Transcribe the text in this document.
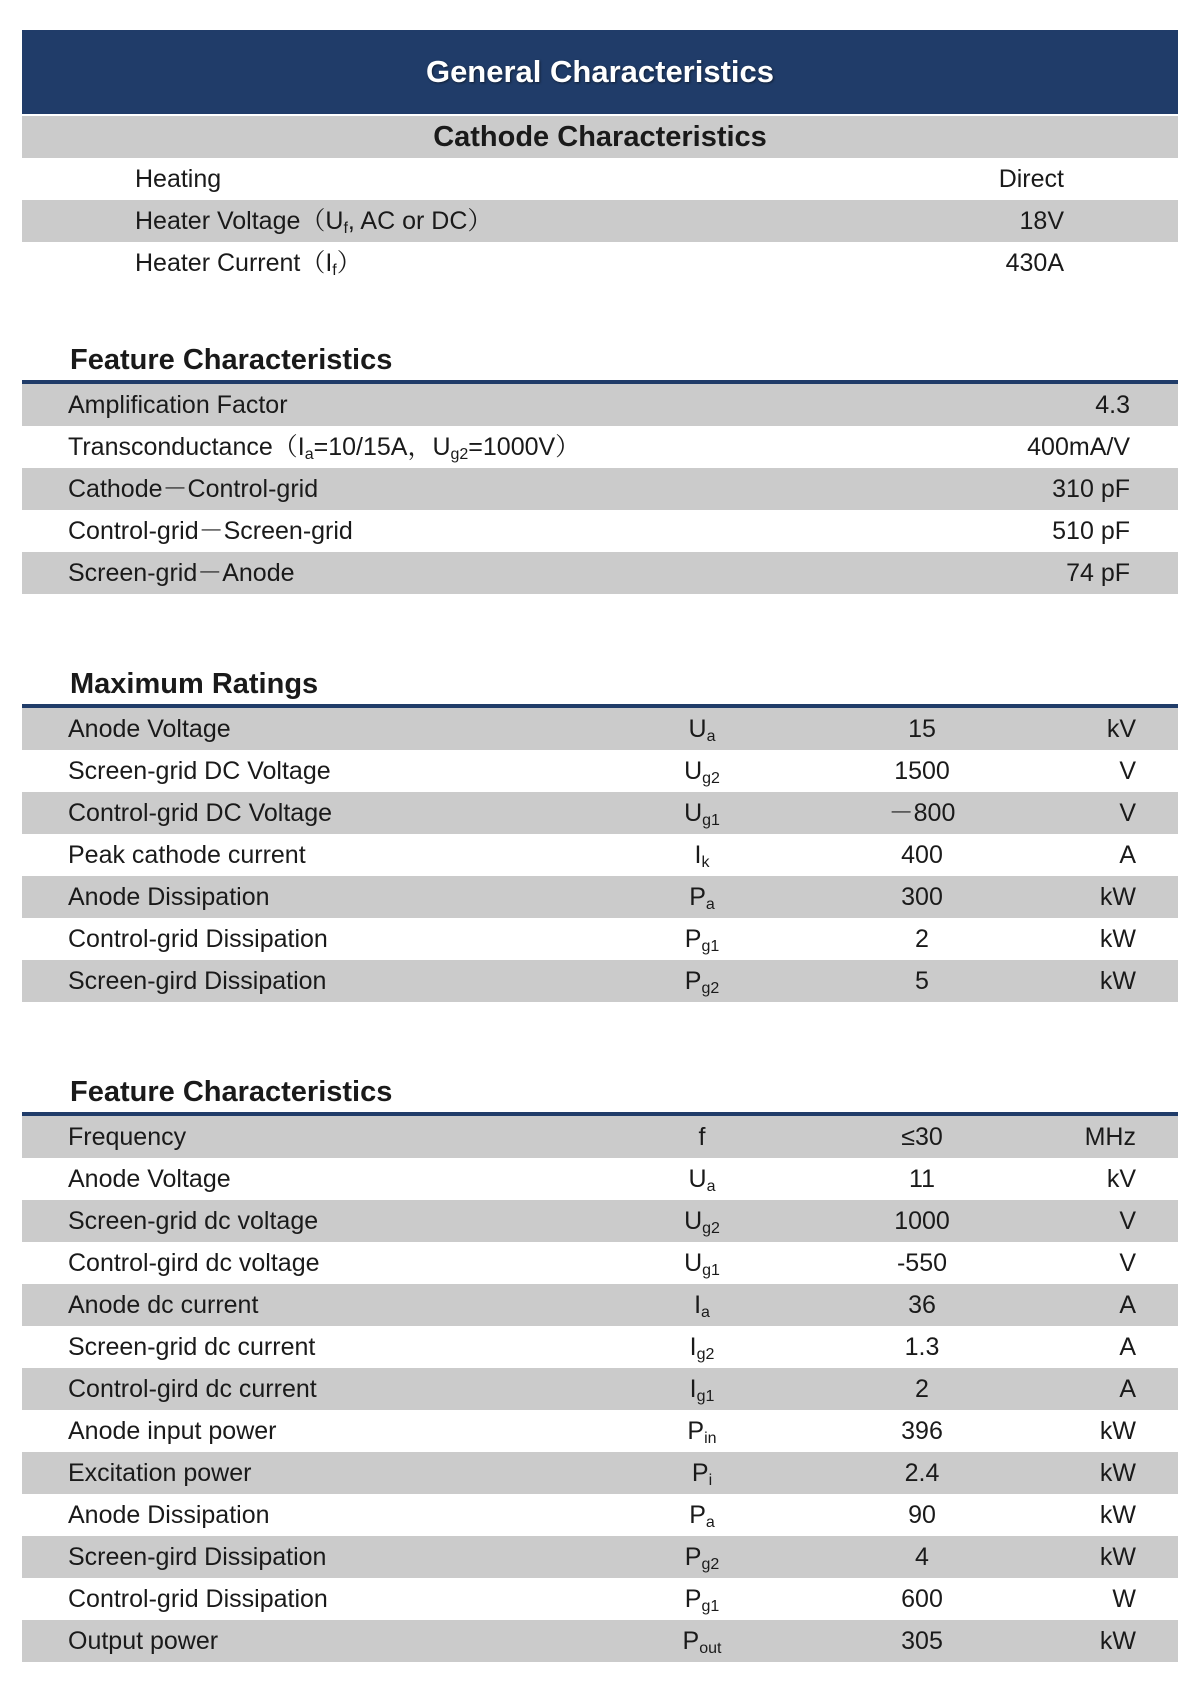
General Characteristics
Cathode Characteristics
Heating	Direct
Heater $Voltage(U_f$, AC or DC）	18V
Heater $Current(I_f)$	430A
Feature Characteristics
Amplification Factor	4.3
$Transconductance(I_a=10/15A$，$U_{g2}=1000V$）	400mA/V
Cathode－Control-grid	310 pF
Control-grid－Screen-grid	510 pF
Screen-grid－Anode	74 pF
Maximum Ratings
Anode Voltage	$U_a$	15	kV
Screen-grid DC Voltage	$U_{g2}$	1500	V
Control-grid DC Voltage	$U_{g1}$	－800	V
Peak cathode current	$I_k$	400	A
Anode Dissipation	$P_a$	300	kW
Control-grid Dissipation	$P_{g1}$	2	kW
Screen-gird Dissipation	$P_{g2}$	5	kW
Feature Characteristics
Frequency	f	≤30	MHz
Anode Voltage	$U_a$	11	kV
Screen-grid dc voltage	$U_{g2}$	1000	V
Control-gird dc voltage	$U_{g1}$	-550	V
Anode dc current	$I_a$	36	A
Screen-grid dc current	$I_{g2}$	1.3	A
Control-gird dc current	$I_{g1}$	2	A
Anode input power	$P_{in}$	396	kW
Excitation power	$P_i$	2.4	kW
Anode Dissipation	$P_a$	90	kW
Screen-gird Dissipation	$P_{g2}$	4	kW
Control-grid Dissipation	$P_{g1}$	600	W
Output power	$P_{out}$	305	kW
